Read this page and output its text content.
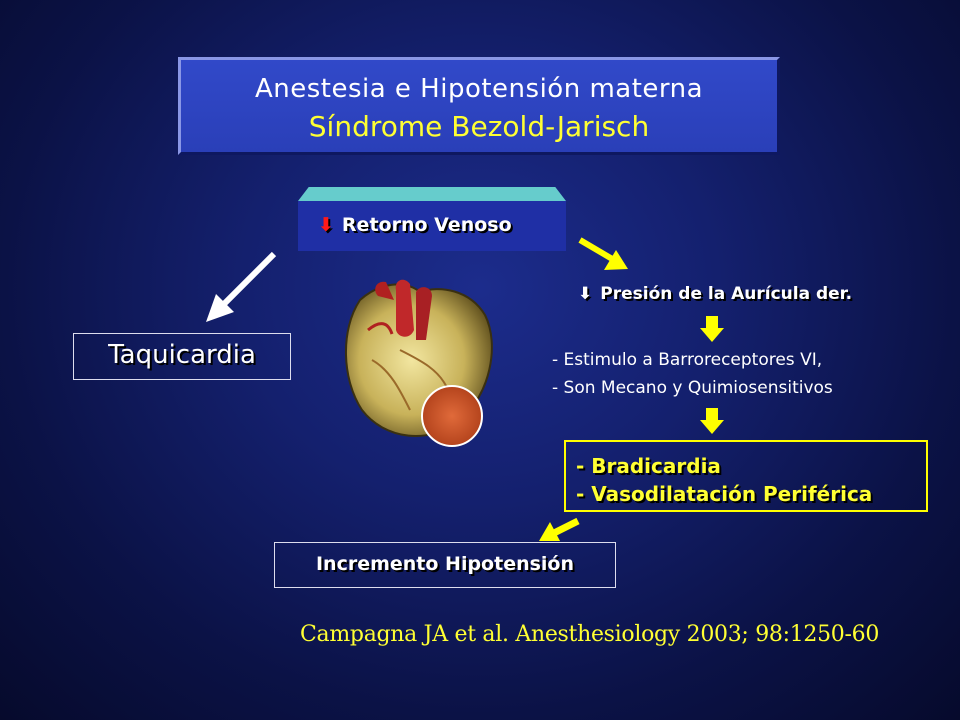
Anestesia e Hipotensión materna
Síndrome Bezold-Jarisch
⬇ Retorno Venoso
Taquicardia
⬇ Presión de la Aurícula der.
- Estimulo a Barroreceptores VI,
- Son Mecano y Quimiosensitivos
- Bradicardia
- Vasodilatación Periférica
Incremento Hipotensión
Campagna JA et al. Anesthesiology 2003; 98:1250-60
